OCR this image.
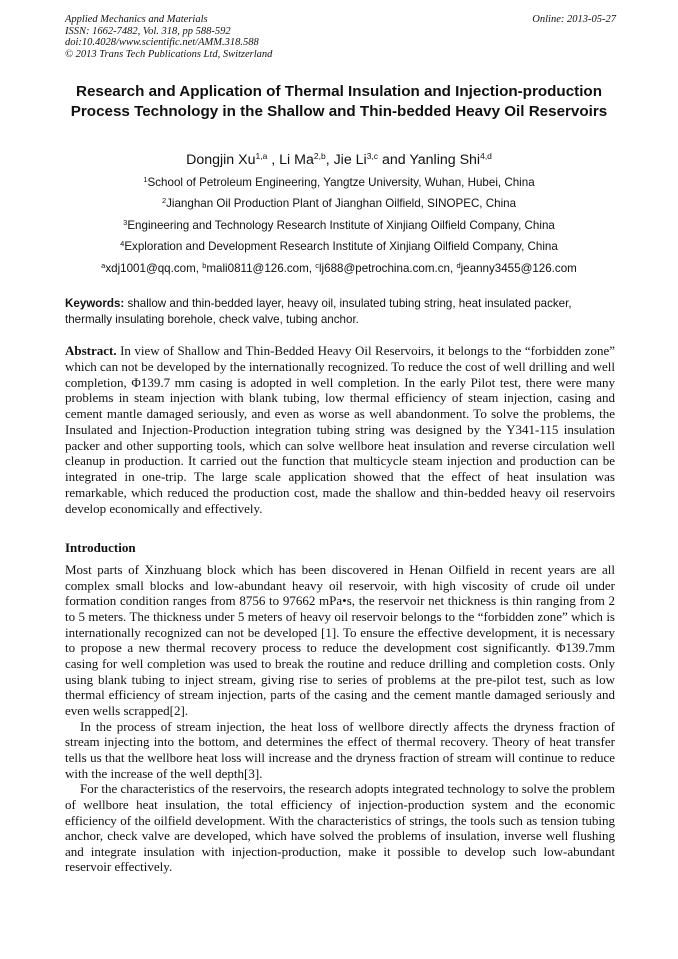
Applied Mechanics and Materials
ISSN: 1662-7482, Vol. 318, pp 588-592
doi:10.4028/www.scientific.net/AMM.318.588
© 2013 Trans Tech Publications Ltd, Switzerland
Online: 2013-05-27
Research and Application of Thermal Insulation and Injection-production Process Technology in the Shallow and Thin-bedded Heavy Oil Reservoirs
Dongjin Xu$^{1,a}$ , Li Ma$^{2,b}$, Jie Li$^{3,c}$ and Yanling Shi$^{4,d}$
$^1$School of Petroleum Engineering, Yangtze University, Wuhan, Hubei, China
$^2$Jianghan Oil Production Plant of Jianghan Oilfield, SINOPEC, China
$^3$Engineering and Technology Research Institute of Xinjiang Oilfield Company, China
$^4$Exploration and Development Research Institute of Xinjiang Oilfield Company, China
$^a$xdj1001@qq.com, $^b$mali0811@126.com, $^c$lj688@petrochina.com.cn, $^d$jeanny3455@126.com
Keywords: shallow and thin-bedded layer, heavy oil, insulated tubing string, heat insulated packer, thermally insulating borehole, check valve, tubing anchor.
Abstract. In view of Shallow and Thin-Bedded Heavy Oil Reservoirs, it belongs to the “forbidden zone” which can not be developed by the internationally recognized. To reduce the cost of well drilling and well completion, Φ139.7 mm casing is adopted in well completion. In the early Pilot test, there were many problems in steam injection with blank tubing, low thermal efficiency of steam injection, casing and cement mantle damaged seriously, and even as worse as well abandonment. To solve the problems, the Insulated and Injection-Production integration tubing string was designed by the Y341-115 insulation packer and other supporting tools, which can solve wellbore heat insulation and reverse circulation well cleanup in production. It carried out the function that multicycle steam injection and production can be integrated in one-trip. The large scale application showed that the effect of heat insulation was remarkable, which reduced the production cost, made the shallow and thin-bedded heavy oil reservoirs develop economically and effectively.
Introduction

Most parts of Xinzhuang block which has been discovered in Henan Oilfield in recent years are all complex small blocks and low-abundant heavy oil reservoir, with high viscosity of crude oil under formation condition ranges from 8756 to 97662 mPa•s, the reservoir net thickness is thin ranging from 2 to 5 meters. The thickness under 5 meters of heavy oil reservoir belongs to the “forbidden zone” which is internationally recognized can not be developed [1]. To ensure the effective development, it is necessary to propose a new thermal recovery process to reduce the development cost significantly. Φ139.7mm casing for well completion was used to break the routine and reduce drilling and completion costs. Only using blank tubing to inject stream, giving rise to series of problems at the pre-pilot test, such as low thermal efficiency of stream injection, parts of the casing and the cement mantle damaged seriously and even wells scrapped[2].

In the process of stream injection, the heat loss of wellbore directly affects the dryness fraction of stream injecting into the bottom, and determines the effect of thermal recovery. Theory of heat transfer tells us that the wellbore heat loss will increase and the dryness fraction of stream will continue to reduce with the increase of the well depth[3].

For the characteristics of the reservoirs, the research adopts integrated technology to solve the problem of wellbore heat insulation, the total efficiency of injection-production system and the economic efficiency of the oilfield development. With the characteristics of strings, the tools such as tension tubing anchor, check valve are developed, which have solved the problems of insulation, inverse well flushing and integrate insulation with injection-production, make it possible to develop such low-abundant reservoir effectively.
